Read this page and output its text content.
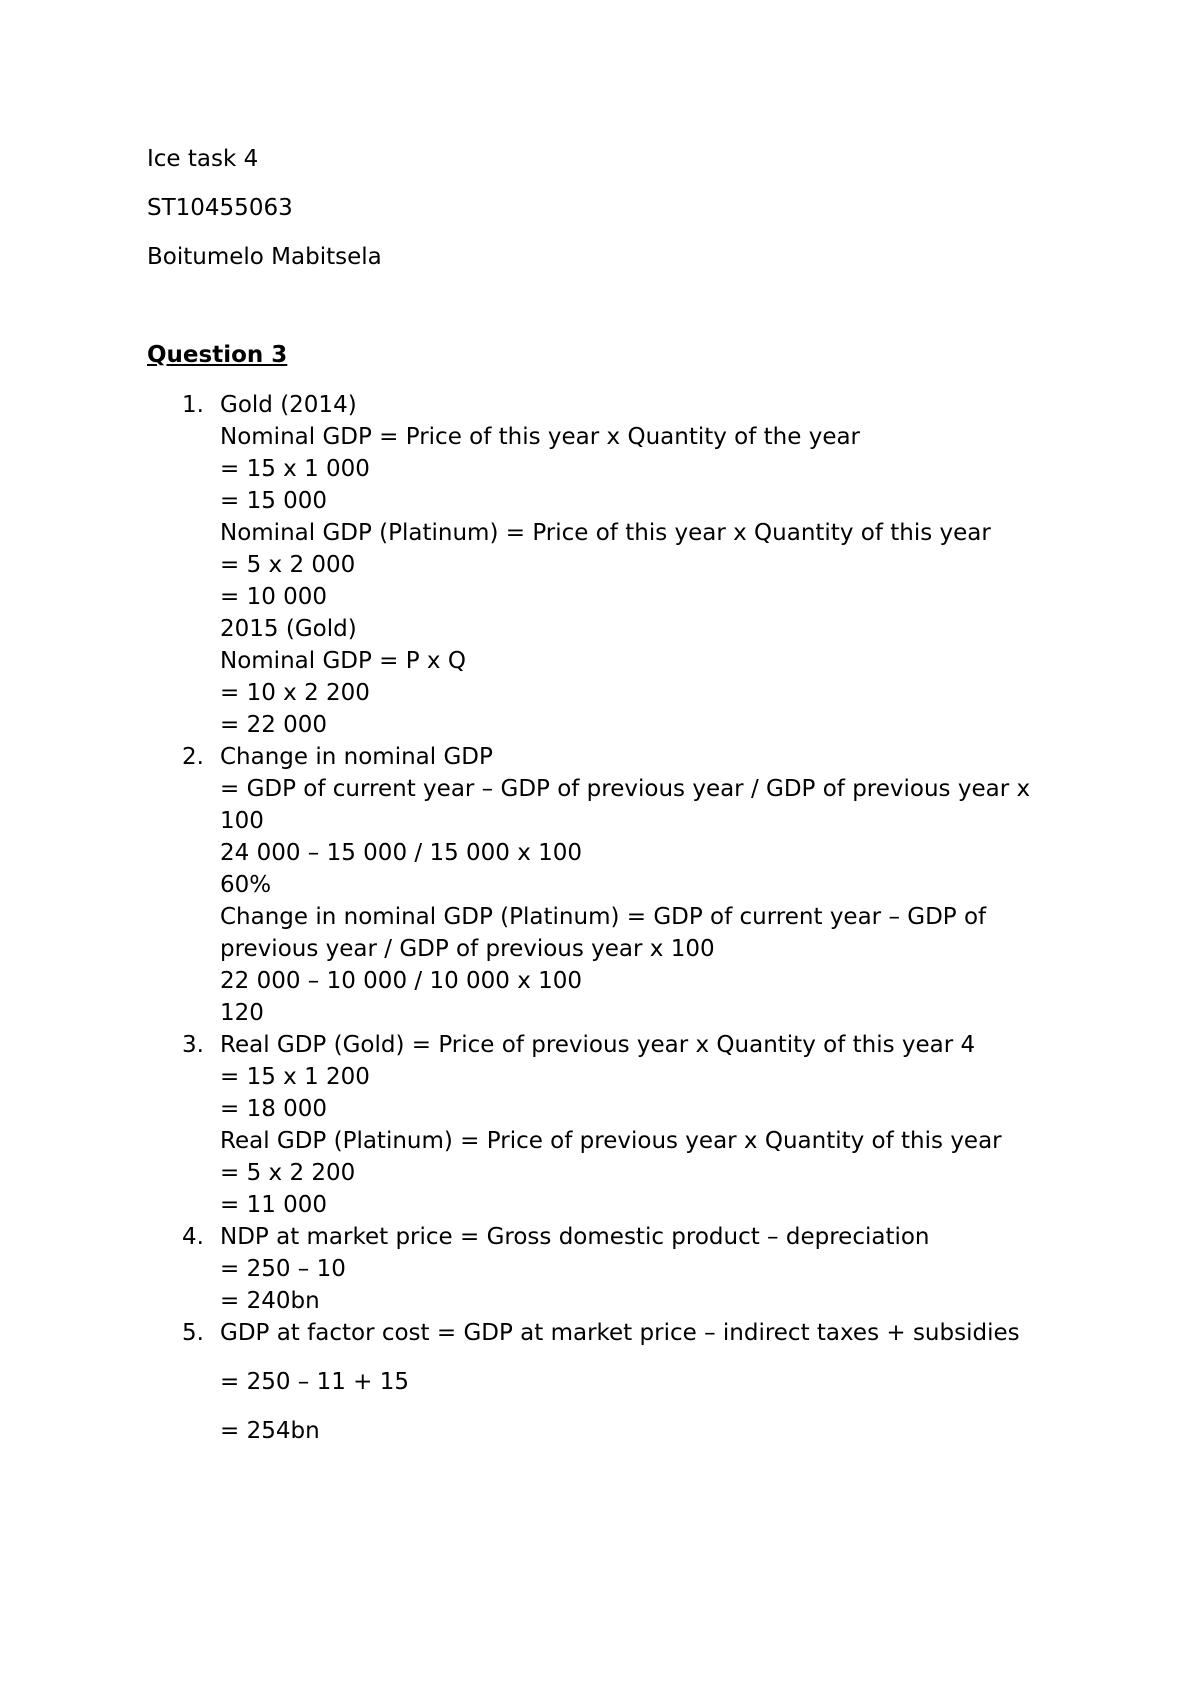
Ice task 4

ST10455063

Boitumelo Mabitsela

Question 3
1. Gold (2014)
Nominal GDP = Price of this year x Quantity of the year
= 15 x 1 000
= 15 000
Nominal GDP (Platinum) = Price of this year x Quantity of this year
= 5 x 2 000
= 10 000
2015 (Gold)
Nominal GDP = P x Q
= 10 x 2 200
= 22 000
2. Change in nominal GDP
= GDP of current year – GDP of previous year / GDP of previous year x 100
24 000 – 15 000 / 15 000 x 100
60%
Change in nominal GDP (Platinum) = GDP of current year – GDP of previous year / GDP of previous year x 100
22 000 – 10 000 / 10 000 x 100
120
3. Real GDP (Gold) = Price of previous year x Quantity of this year 4
= 15 x 1 200
= 18 000
Real GDP (Platinum) = Price of previous year x Quantity of this year
= 5 x 2 200
= 11 000
4. NDP at market price = Gross domestic product – depreciation
= 250 – 10
= 240bn
5. GDP at factor cost = GDP at market price – indirect taxes + subsidies
= 250 – 11 + 15
= 254bn
